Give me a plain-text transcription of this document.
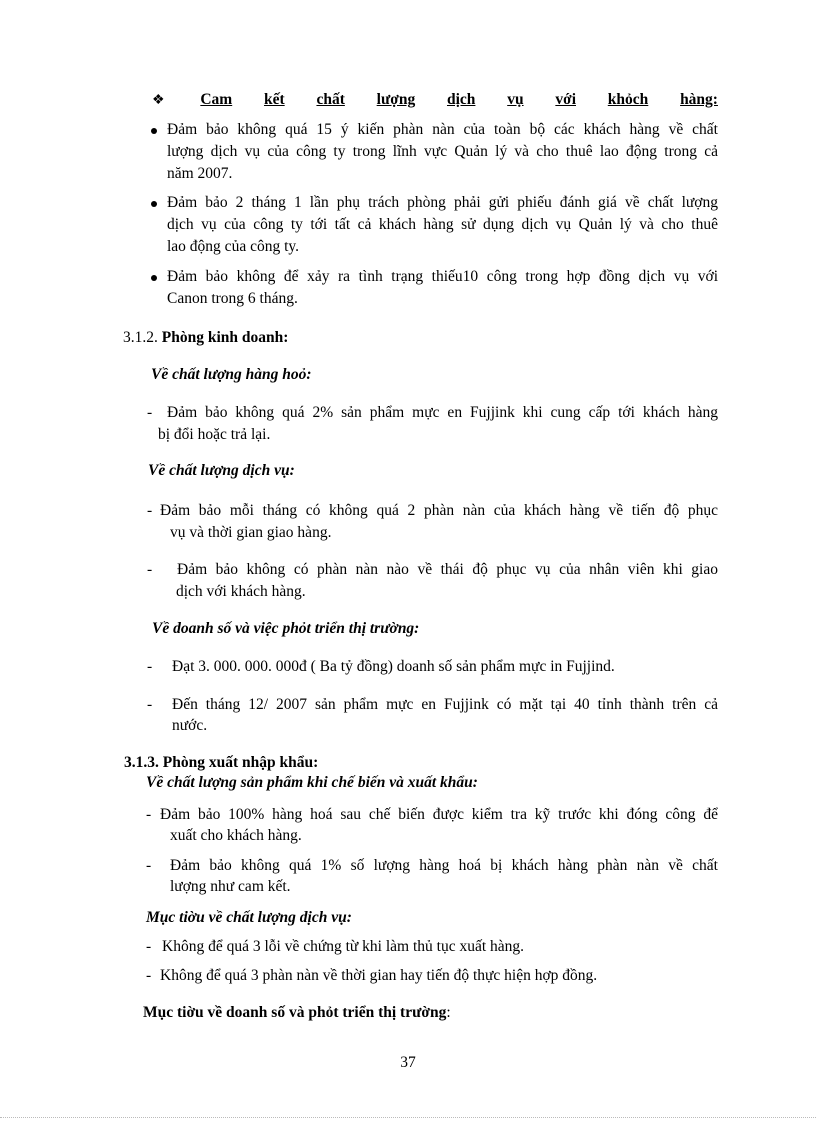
❖ Cam kết chất lượng dịch vụ với khỏch hàng:
Đảm bảo không quá 15 ý kiến phàn nàn của toàn bộ các khách hàng về chất
lượng dịch vụ của công ty trong lĩnh vực Quản lý và cho thuê lao động trong cả
năm 2007.
Đảm bảo 2 tháng 1 lần phụ trách phòng phải gửi phiếu đánh giá về chất lượng
dịch vụ của công ty tới tất cả khách hàng sử dụng dịch vụ Quản lý và cho thuê
lao động của công ty.
Đảm bảo không để xảy ra tình trạng thiếu10 công trong hợp đồng dịch vụ với
Canon trong 6 tháng.
3.1.2. Phòng kinh doanh:
Về chất lượng hàng hoỏ:
- Đảm bảo không quá 2% sản phẩm mực en Fujjink khi cung cấp tới khách hàng
bị đổi hoặc trả lại.
Về chất lượng dịch vụ:
- Đảm bảo mỗi tháng có không quá 2 phàn nàn của khách hàng về tiến độ phục
vụ và thời gian giao hàng.
- Đảm bảo không có phàn nàn nào về thái độ phục vụ của nhân viên khi giao
dịch với khách hàng.
Về doanh số và việc phỏt triển thị trường:
- Đạt 3. 000. 000. 000đ ( Ba tỷ đồng) doanh số sản phẩm mực in Fujjind.
- Đến tháng 12/ 2007 sản phẩm mực en Fujjink có mặt tại 40 tỉnh thành trên cả
nước.
3.1.3. Phòng xuất nhập khẩu:
Về chất lượng sản phẩm khi chế biến và xuất khẩu:
- Đảm bảo 100% hàng hoá sau chế biến được kiểm tra kỹ trước khi đóng công để
xuất cho khách hàng.
- Đảm bảo không quá 1% số lượng hàng hoá bị khách hàng phàn nàn về chất
lượng như cam kết.
Mục tiờu về chất lượng dịch vụ:
- Không để quá 3 lỗi về chứng từ khi làm thủ tục xuất hàng.
- Không để quá 3 phàn nàn về thời gian hay tiến độ thực hiện hợp đồng.
Mục tiờu về doanh số và phỏt triển thị trường:
37
